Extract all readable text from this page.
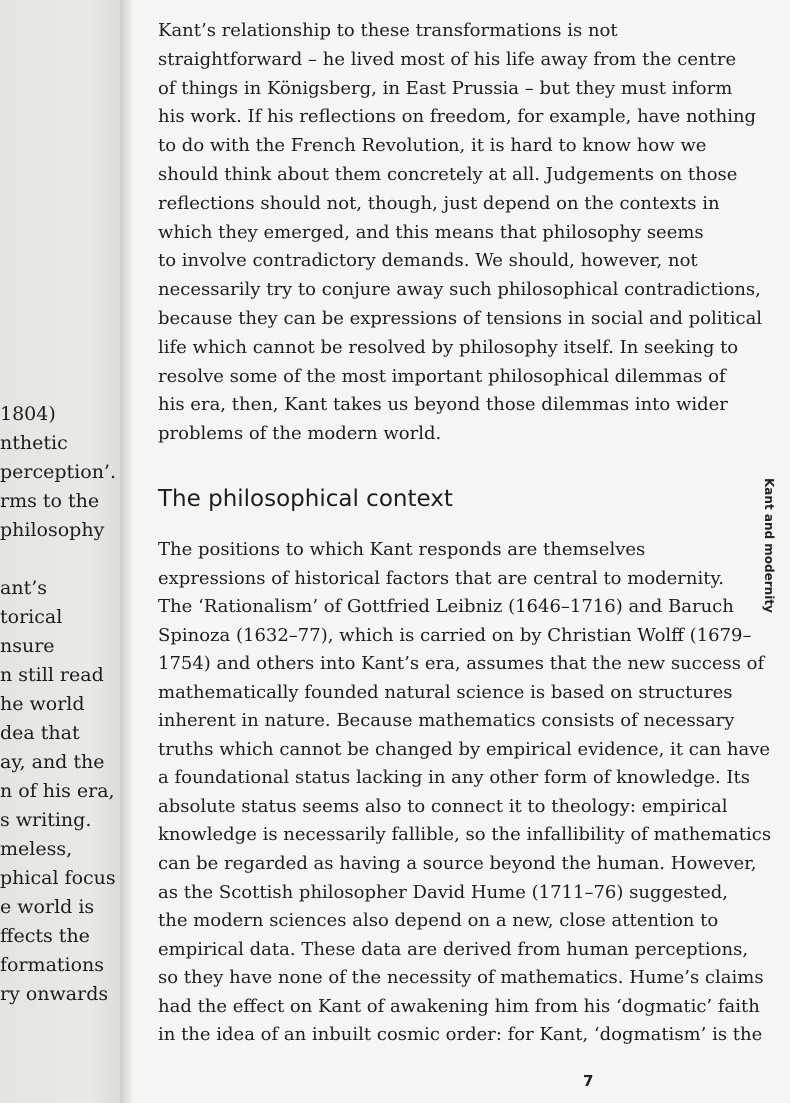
1804)
nthetic
perception’.
rms to the
philosophy
ant’s
torical
nsure
n still read
he world
dea that
ay, and the
n of his era,
s writing.
meless,
phical focus
e world is
ffects the
formations
ry onwards
Kant’s relationship to these transformations is not
straightforward – he lived most of his life away from the centre
of things in Königsberg, in East Prussia – but they must inform
his work. If his reflections on freedom, for example, have nothing
to do with the French Revolution, it is hard to know how we
should think about them concretely at all. Judgements on those
reflections should not, though, just depend on the contexts in
which they emerged, and this means that philosophy seems
to involve contradictory demands. We should, however, not
necessarily try to conjure away such philosophical contradictions,
because they can be expressions of tensions in social and political
life which cannot be resolved by philosophy itself. In seeking to
resolve some of the most important philosophical dilemmas of
his era, then, Kant takes us beyond those dilemmas into wider
problems of the modern world.
The philosophical context
The positions to which Kant responds are themselves
expressions of historical factors that are central to modernity.
The ‘Rationalism’ of Gottfried Leibniz (1646–1716) and Baruch
Spinoza (1632–77), which is carried on by Christian Wolff (1679–
1754) and others into Kant’s era, assumes that the new success of
mathematically founded natural science is based on structures
inherent in nature. Because mathematics consists of necessary
truths which cannot be changed by empirical evidence, it can have
a foundational status lacking in any other form of knowledge. Its
absolute status seems also to connect it to theology: empirical
knowledge is necessarily fallible, so the infallibility of mathematics
can be regarded as having a source beyond the human. However,
as the Scottish philosopher David Hume (1711–76) suggested,
the modern sciences also depend on a new, close attention to
empirical data. These data are derived from human perceptions,
so they have none of the necessity of mathematics. Hume’s claims
had the effect on Kant of awakening him from his ‘dogmatic’ faith
in the idea of an inbuilt cosmic order: for Kant, ‘dogmatism’ is the
7
Kant and modernity
